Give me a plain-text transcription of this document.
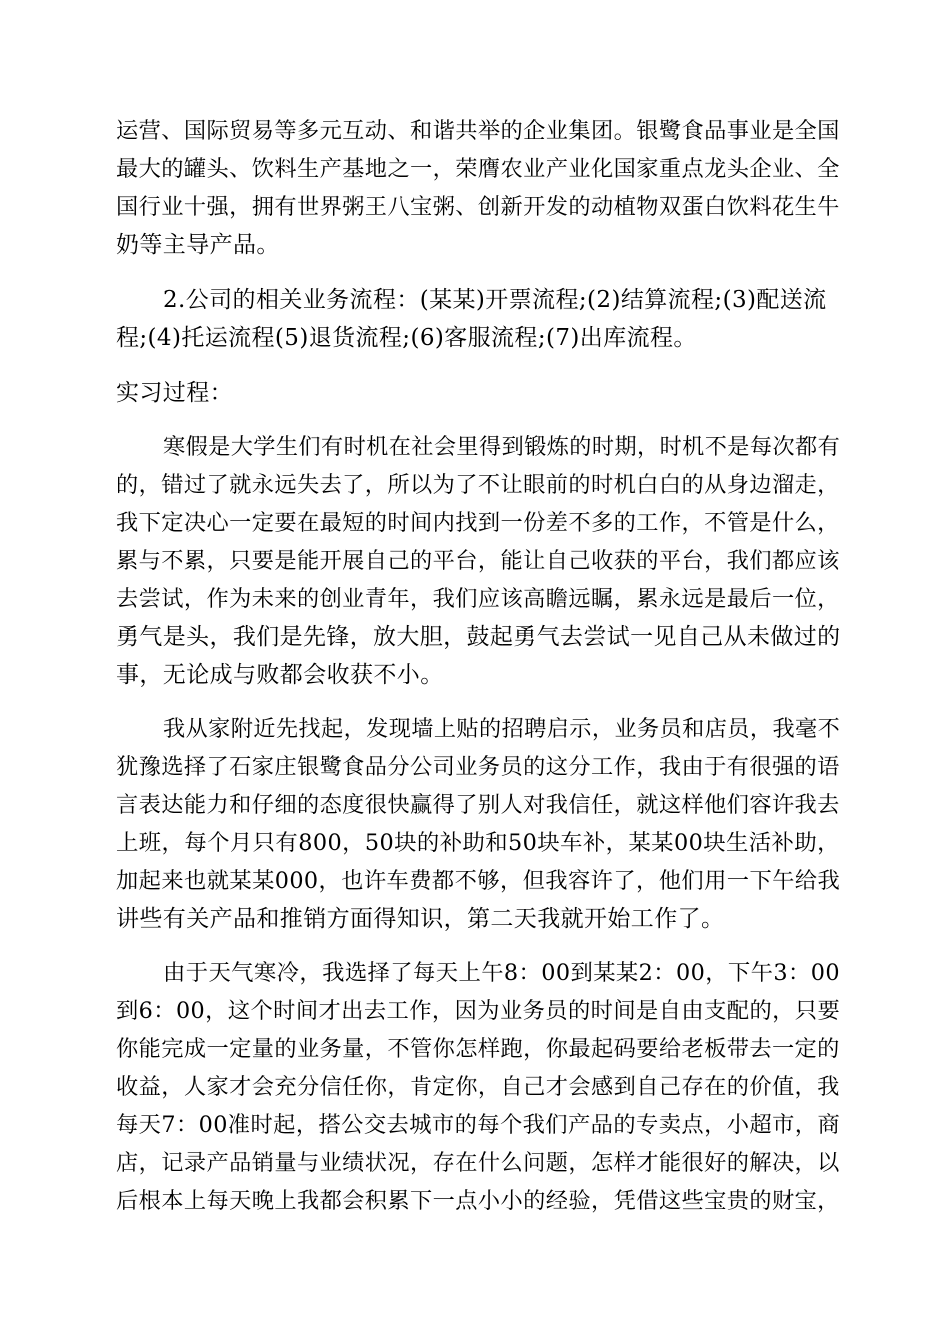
运营、国际贸易等多元互动、和谐共举的企业集团。银鹭食品事业是全国
最大的罐头、饮料生产基地之一，荣膺农业产业化国家重点龙头企业、全
国行业十强，拥有世界粥王八宝粥、创新开发的动植物双蛋白饮料花生牛
奶等主导产品。
2.公司的相关业务流程：(某某)开票流程;(2)结算流程;(3)配送流
程;(4)托运流程(5)退货流程;(6)客服流程;(7)出库流程。
实习过程：
寒假是大学生们有时机在社会里得到锻炼的时期，时机不是每次都有
的，错过了就永远失去了，所以为了不让眼前的时机白白的从身边溜走，
我下定决心一定要在最短的时间内找到一份差不多的工作，不管是什么，
累与不累，只要是能开展自己的平台，能让自己收获的平台，我们都应该
去尝试，作为未来的创业青年，我们应该高瞻远瞩，累永远是最后一位，
勇气是头，我们是先锋，放大胆，鼓起勇气去尝试一见自己从未做过的
事，无论成与败都会收获不小。
我从家附近先找起，发现墙上贴的招聘启示，业务员和店员，我毫不
犹豫选择了石家庄银鹭食品分公司业务员的这分工作，我由于有很强的语
言表达能力和仔细的态度很快赢得了别人对我信任，就这样他们容许我去
上班，每个月只有800，50块的补助和50块车补，某某00块生活补助，
加起来也就某某000，也许车费都不够，但我容许了，他们用一下午给我
讲些有关产品和推销方面得知识，第二天我就开始工作了。
由于天气寒冷，我选择了每天上午8：00到某某2：00，下午3：00
到6：00，这个时间才出去工作，因为业务员的时间是自由支配的，只要
你能完成一定量的业务量，不管你怎样跑，你最起码要给老板带去一定的
收益，人家才会充分信任你，肯定你，自己才会感到自己存在的价值，我
每天7：00准时起，搭公交去城市的每个我们产品的专卖点，小超市，商
店，记录产品销量与业绩状况，存在什么问题，怎样才能很好的解决，以
后根本上每天晚上我都会积累下一点小小的经验，凭借这些宝贵的财宝，
